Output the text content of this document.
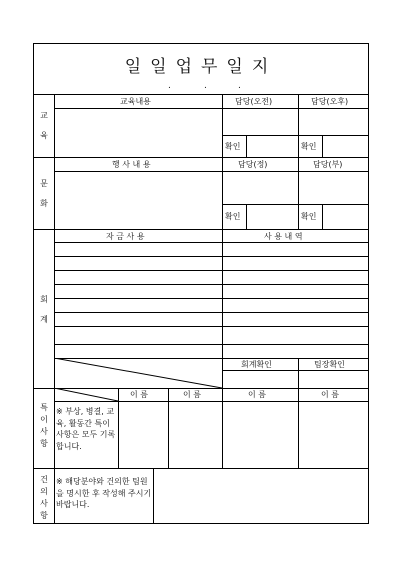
일일업무일지
.	.	.
교
육
교육내용	담당(오전)	담당(오후)
확인	확인
문
화
행 사 내 용	담당(정)	담당(부)
확인	확인
회
계
자 금 사 용	사 용 내 역
회계확인	팀장확인
특
이
사
항
이 름	이 름	이 름	이 름
※ 부상, 병결, 교육, 활동간 특이사항은 모두 기록합니다.
건
의
사
항
※ 해당분야와 건의한 팀원을 명시한 후 작성해 주시기 바랍니다.
